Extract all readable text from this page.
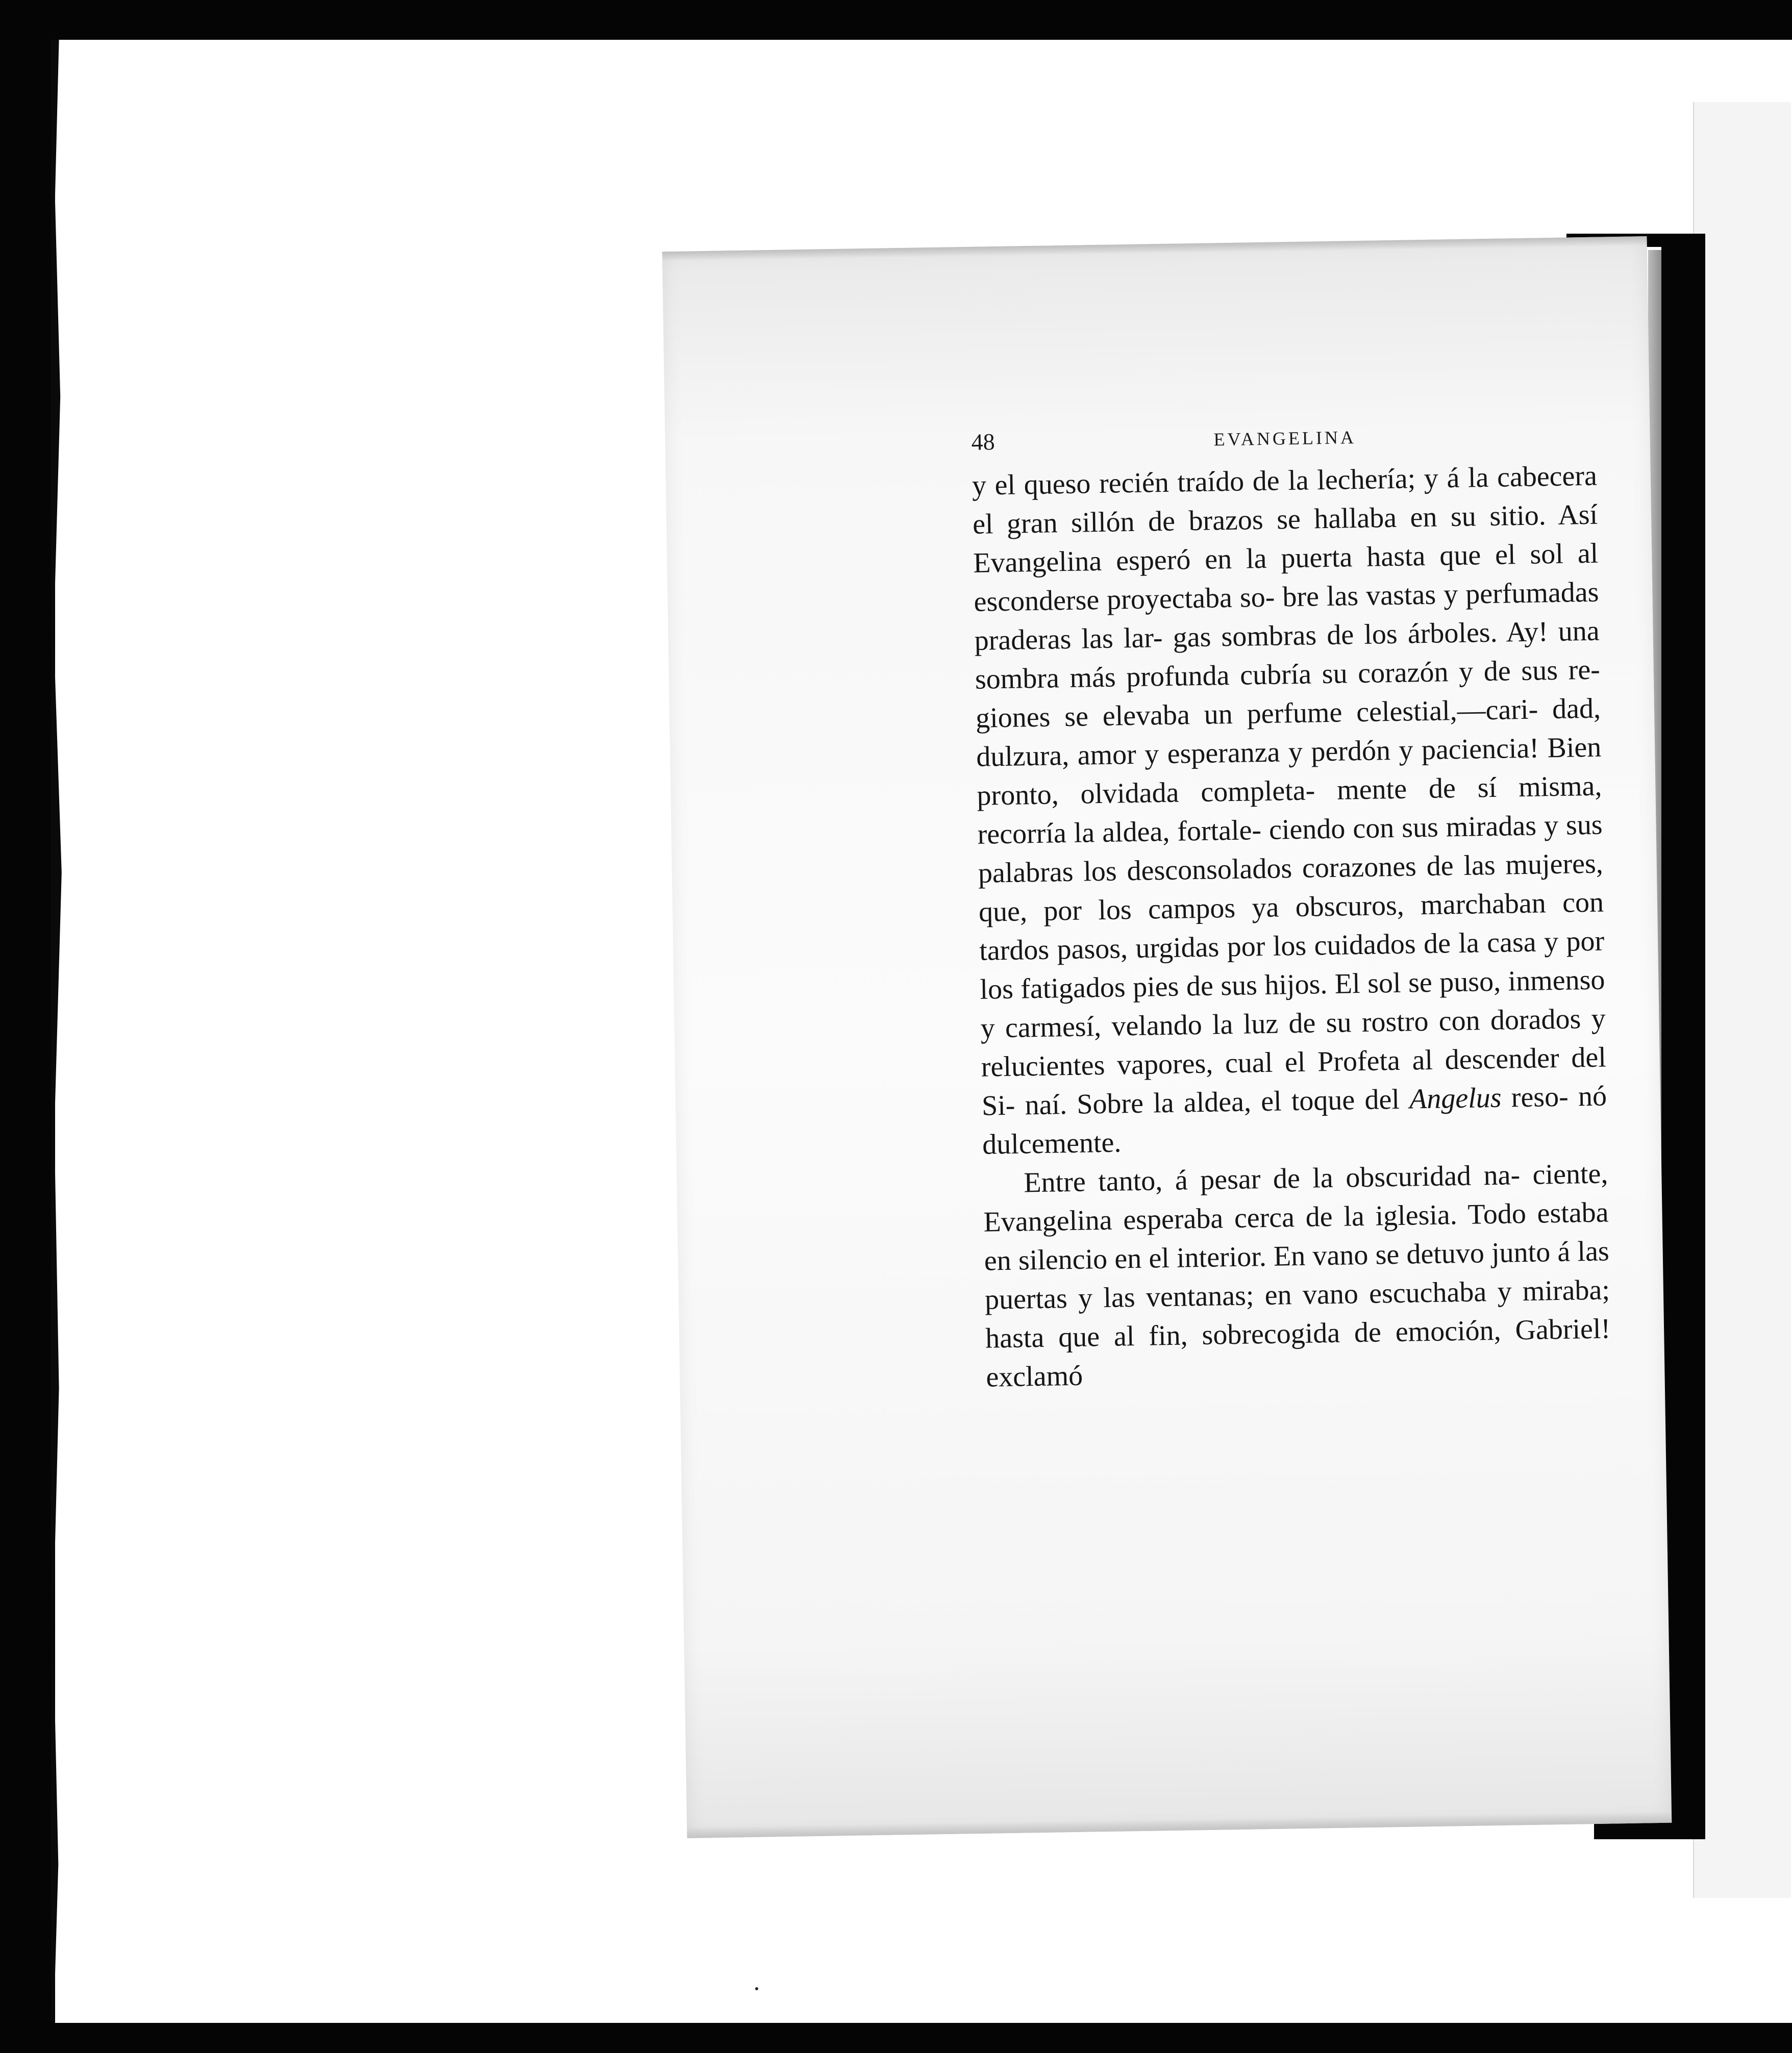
48	EVANGELINA

y el queso recién traído de la lechería; y á la cabecera el gran sillón de brazos se hallaba en su sitio. Así Evangelina esperó en la puerta hasta que el sol al esconderse proyectaba so- bre las vastas y perfumadas praderas las lar- gas sombras de los árboles. Ay! una sombra más profunda cubría su corazón y de sus re- giones se elevaba un perfume celestial,—cari- dad, dulzura, amor y esperanza y perdón y paciencia! Bien pronto, olvidada completa- mente de sí misma, recorría la aldea, fortale- ciendo con sus miradas y sus palabras los desconsolados corazones de las mujeres, que, por los campos ya obscuros, marchaban con tardos pasos, urgidas por los cuidados de la casa y por los fatigados pies de sus hijos. El sol se puso, inmenso y carmesí, velando la luz de su rostro con dorados y relucientes vapores, cual el Profeta al descender del Si- naí. Sobre la aldea, el toque del Angelus reso- nó dulcemente.

Entre tanto, á pesar de la obscuridad na- ciente, Evangelina esperaba cerca de la iglesia. Todo estaba en silencio en el interior. En vano se detuvo junto á las puertas y las ventanas; en vano escuchaba y miraba; hasta que al fin, sobrecogida de emoción, Gabriel! exclamó
